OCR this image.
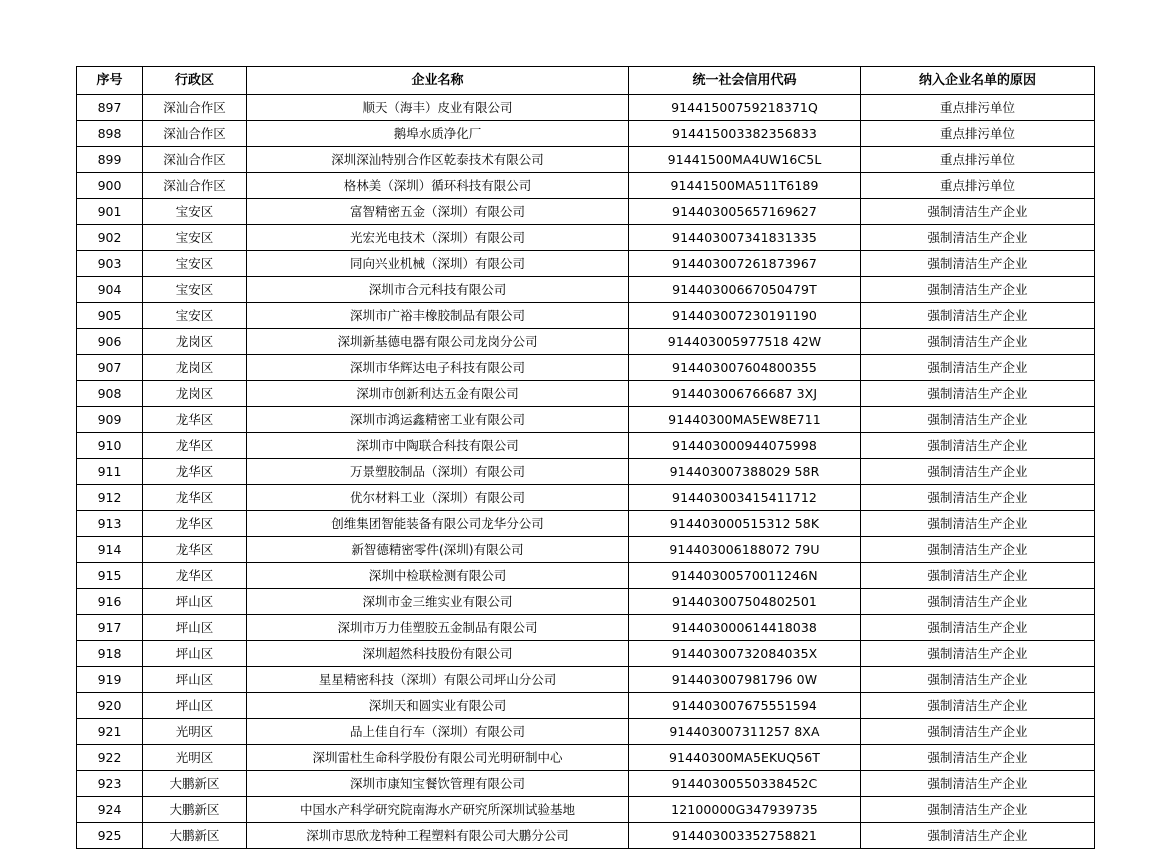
序号	行政区	企业名称	统一社会信用代码	纳入企业名单的原因
897	深汕合作区	顺天（海丰）皮业有限公司	91441500759218371Q	重点排污单位
898	深汕合作区	鹅埠水质净化厂	914415003382356833	重点排污单位
899	深汕合作区	深圳深汕特别合作区乾泰技术有限公司	91441500MA4UW16C5L	重点排污单位
900	深汕合作区	格林美（深圳）循环科技有限公司	91441500MA511T6189	重点排污单位
901	宝安区	富智精密五金（深圳）有限公司	914403005657169627	强制清洁生产企业
902	宝安区	光宏光电技术（深圳）有限公司	914403007341831335	强制清洁生产企业
903	宝安区	同向兴业机械（深圳）有限公司	914403007261873967	强制清洁生产企业
904	宝安区	深圳市合元科技有限公司	91440300667050479T	强制清洁生产企业
905	宝安区	深圳市广裕丰橡胶制品有限公司	914403007230191190	强制清洁生产企业
906	龙岗区	深圳新基德电器有限公司龙岗分公司	914403005977518 42W	强制清洁生产企业
907	龙岗区	深圳市华辉达电子科技有限公司	914403007604800355	强制清洁生产企业
908	龙岗区	深圳市创新利达五金有限公司	914403006766687 3XJ	强制清洁生产企业
909	龙华区	深圳市鸿运鑫精密工业有限公司	91440300MA5EW8E711	强制清洁生产企业
910	龙华区	深圳市中陶联合科技有限公司	914403000944075998	强制清洁生产企业
911	龙华区	万景塑胶制品（深圳）有限公司	914403007388029 58R	强制清洁生产企业
912	龙华区	优尔材料工业（深圳）有限公司	914403003415411712	强制清洁生产企业
913	龙华区	创维集团智能装备有限公司龙华分公司	914403000515312 58K	强制清洁生产企业
914	龙华区	新智德精密零件(深圳)有限公司	914403006188072 79U	强制清洁生产企业
915	龙华区	深圳中检联检测有限公司	91440300570011246N	强制清洁生产企业
916	坪山区	深圳市金三维实业有限公司	914403007504802501	强制清洁生产企业
917	坪山区	深圳市万力佳塑胶五金制品有限公司	914403000614418038	强制清洁生产企业
918	坪山区	深圳超然科技股份有限公司	91440300732084035X	强制清洁生产企业
919	坪山区	星星精密科技（深圳）有限公司坪山分公司	914403007981796 0W	强制清洁生产企业
920	坪山区	深圳天和圆实业有限公司	914403007675551594	强制清洁生产企业
921	光明区	品上佳自行车（深圳）有限公司	914403007311257 8XA	强制清洁生产企业
922	光明区	深圳雷杜生命科学股份有限公司光明研制中心	91440300MA5EKUQ56T	强制清洁生产企业
923	大鹏新区	深圳市康知宝餐饮管理有限公司	91440300550338452C	强制清洁生产企业
924	大鹏新区	中国水产科学研究院南海水产研究所深圳试验基地	12100000G347939735	强制清洁生产企业
925	大鹏新区	深圳市思欣龙特种工程塑料有限公司大鹏分公司	914403003352758821	强制清洁生产企业
